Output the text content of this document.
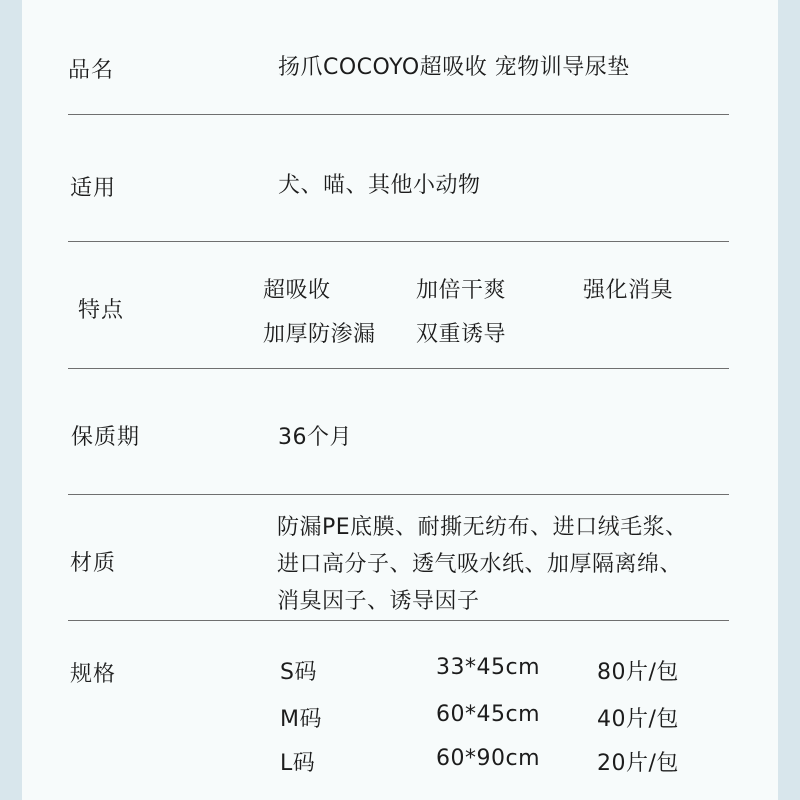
品名	扬爪COCOYO超吸收 宠物训导尿垫
适用	犬、喵、其他小动物
特点
超吸收	加倍干爽	强化消臭
加厚防渗漏 双重诱导
保质期	36个月
材质
防漏PE底膜、耐撕无纺布、进口绒毛浆、
进口高分子、透气吸水纸、加厚隔离绵、
消臭因子、诱导因子
规格	S码	33*45cm	80片/包
M码	60*45cm	40片/包
L码	60*90cm	20片/包
